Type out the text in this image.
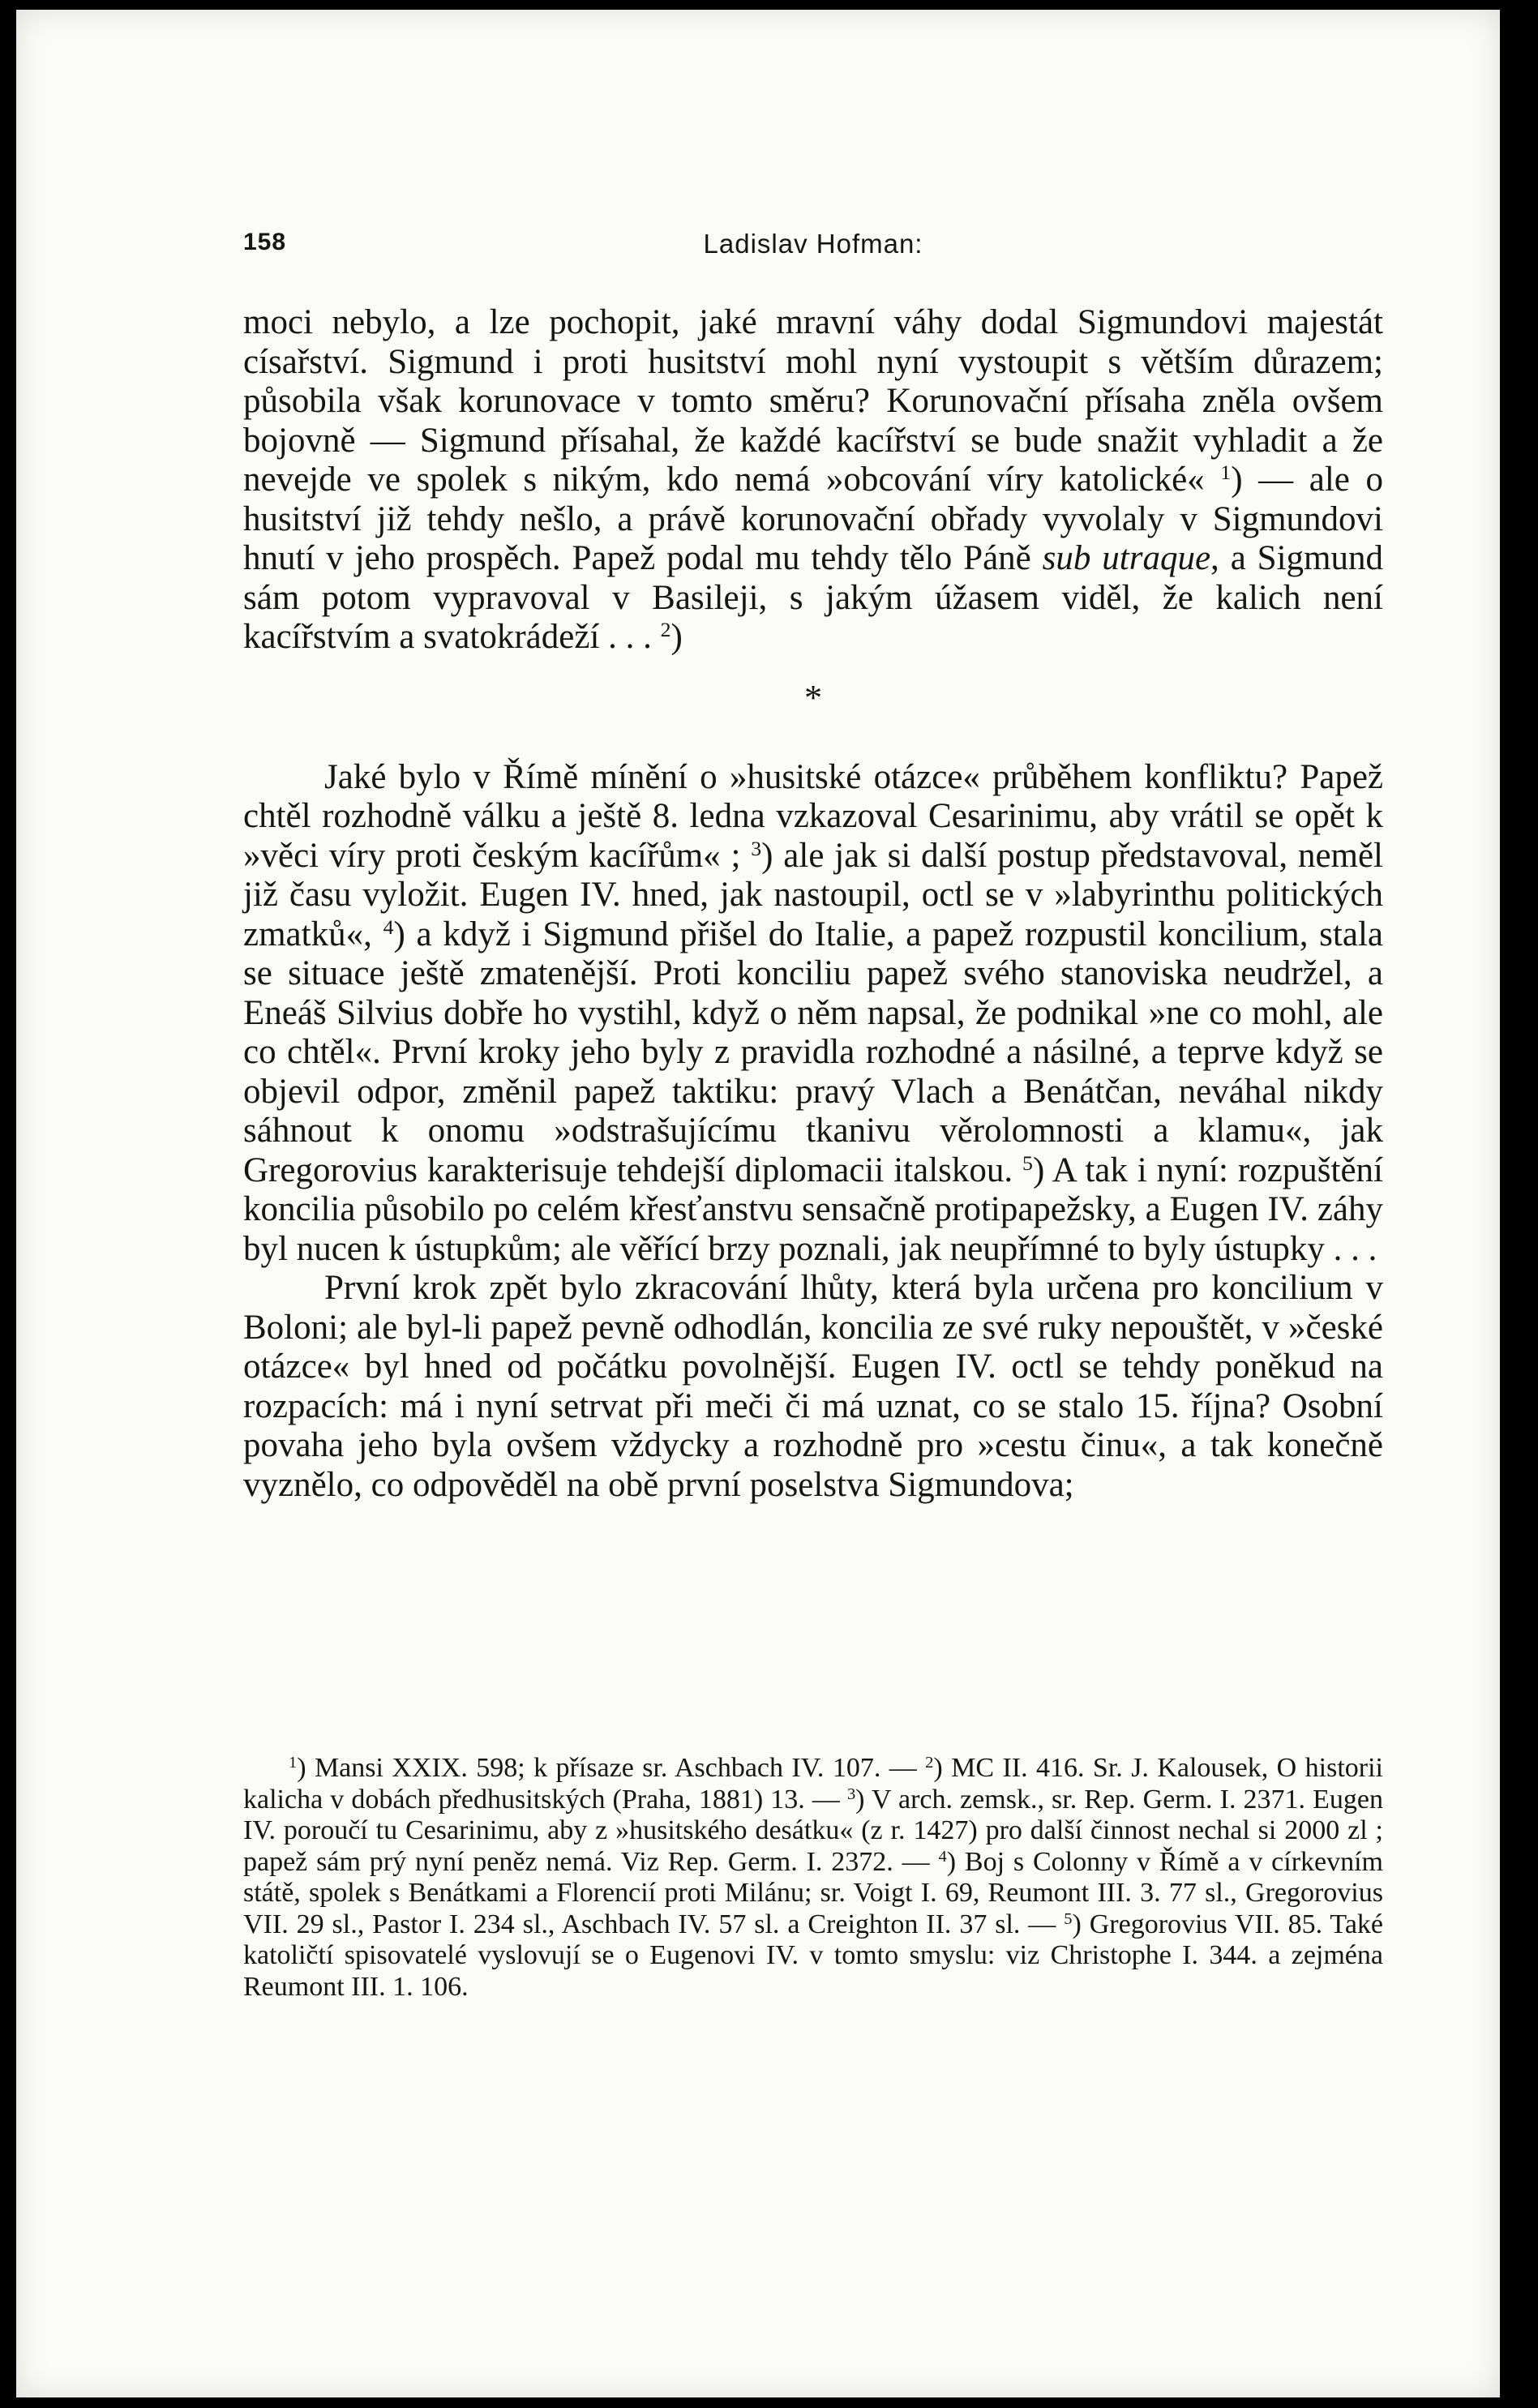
158	Ladislav Hofman:

moci nebylo, a lze pochopit, jaké mravní váhy dodal Sigmundovi majestát císařství. Sigmund i proti husitství mohl nyní vystoupit s větším důrazem; působila však korunovace v tomto směru? Korunovační přísaha zněla ovšem bojovně — Sigmund přísahal, že každé kacířství se bude snažit vyhladit a že nevejde ve spolek s nikým, kdo nemá »obcování víry katolické« $^1$) — ale o husitství již tehdy nešlo, a právě korunovační obřady vyvolaly v Sigmundovi hnutí v jeho prospěch. Papež podal mu tehdy tělo Páně sub utraque, a Sigmund sám potom vypravoval v Basileji, s jakým úžasem viděl, že kalich není kacířstvím a svatokrádeží . . . $^2$)

*

Jaké bylo v Římě mínění o »husitské otázce« průběhem konfliktu? Papež chtěl rozhodně válku a ještě 8. ledna vzkazoval Cesarinimu, aby vrátil se opět k »věci víry proti českým kacířům« ; $^3$) ale jak si další postup představoval, neměl již času vyložit. Eugen IV. hned, jak nastoupil, octl se v »labyrinthu politických zmatků«, $^4$) a když i Sigmund přišel do Italie, a papež rozpustil koncilium, stala se situace ještě zmatenější. Proti konciliu papež svého stanoviska neudržel, a Eneáš Silvius dobře ho vystihl, když o něm napsal, že podnikal »ne co mohl, ale co chtěl«. První kroky jeho byly z pravidla rozhodné a násilné, a teprve když se objevil odpor, změnil papež taktiku: pravý Vlach a Benátčan, neváhal nikdy sáhnout k onomu »odstrašujícímu tkanivu věrolomnosti a klamu«, jak Gregorovius karakterisuje tehdejší diplomacii italskou. $^5$) A tak i nyní: rozpuštění koncilia působilo po celém křesťanstvu sensačně protipapežsky, a Eugen IV. záhy byl nucen k ústupkům; ale věřící brzy poznali, jak neupřímné to byly ústupky . . .

První krok zpět bylo zkracování lhůty, která byla určena pro koncilium v Boloni; ale byl-li papež pevně odhodlán, koncilia ze své ruky nepouštět, v »české otázce« byl hned od počátku povolnější. Eugen IV. octl se tehdy poněkud na rozpacích: má i nyní setrvat při meči či má uznat, co se stalo 15. října? Osobní povaha jeho byla ovšem vždycky a rozhodně pro »cestu činu«, a tak konečně vyznělo, co odpověděl na obě první poselstva Sigmundova;

$^1$) Mansi XXIX. 598; k přísaze sr. Aschbach IV. 107. — $^2$) MC II. 416. Sr. J. Kalousek, O historii kalicha v dobách předhusitských (Praha, 1881) 13. — $^3$) V arch. zemsk., sr. Rep. Germ. I. 2371. Eugen IV. poroučí tu Cesarinimu, aby z »husitského desátku« (z r. 1427) pro další činnost nechal si 2000 zl ; papež sám prý nyní peněz nemá. Viz Rep. Germ. I. 2372. — $^4$) Boj s Colonny v Římě a v církevním státě, spolek s Benátkami a Florencií proti Milánu; sr. Voigt I. 69, Reumont III. 3. 77 sl., Gregorovius VII. 29 sl., Pastor I. 234 sl., Aschbach IV. 57 sl. a Creighton II. 37 sl. — $^5$) Gregorovius VII. 85. Také katoličtí spisovatelé vyslovují se o Eugenovi IV. v tomto smyslu: viz Christophe I. 344. a zejména Reumont III. 1. 106.
